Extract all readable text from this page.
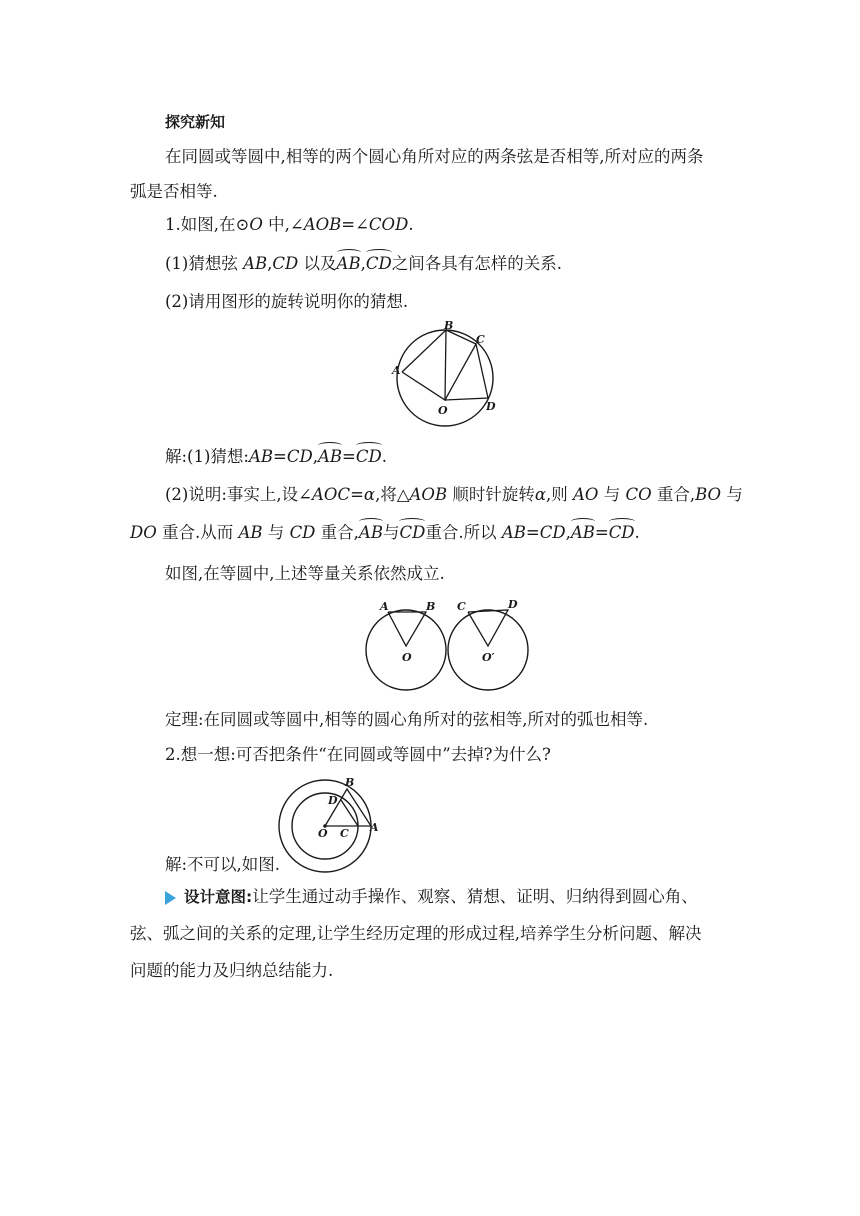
探究新知
在同圆或等圆中,相等的两个圆心角所对应的两条弦是否相等,所对应的两条
弧是否相等.
1.如图,在⊙O 中,∠AOB=∠COD.
(1)猜想弦 AB,CD 以及AB,CD之间各具有怎样的关系.
(2)请用图形的旋转说明你的猜想.
A
B
C
D
O
解:(1)猜想:AB=CD,AB=CD.
(2)说明:事实上,设∠AOC=α,将△AOB 顺时针旋转α,则 AO 与 CO 重合,BO 与
DO 重合.从而 AB 与 CD 重合,AB与CD重合.所以 AB=CD,AB=CD.
如图,在等圆中,上述等量关系依然成立.
A	B C	D
O	O′
定理:在同圆或等圆中,相等的圆心角所对的弦相等,所对的弧也相等.
2.想一想:可否把条件“在同圆或等圆中”去掉?为什么?
B
D
O C A
解:不可以,如图.
设计意图:让学生通过动手操作、观察、猜想、证明、归纳得到圆心角、
弦、弧之间的关系的定理,让学生经历定理的形成过程,培养学生分析问题、解决
问题的能力及归纳总结能力.
